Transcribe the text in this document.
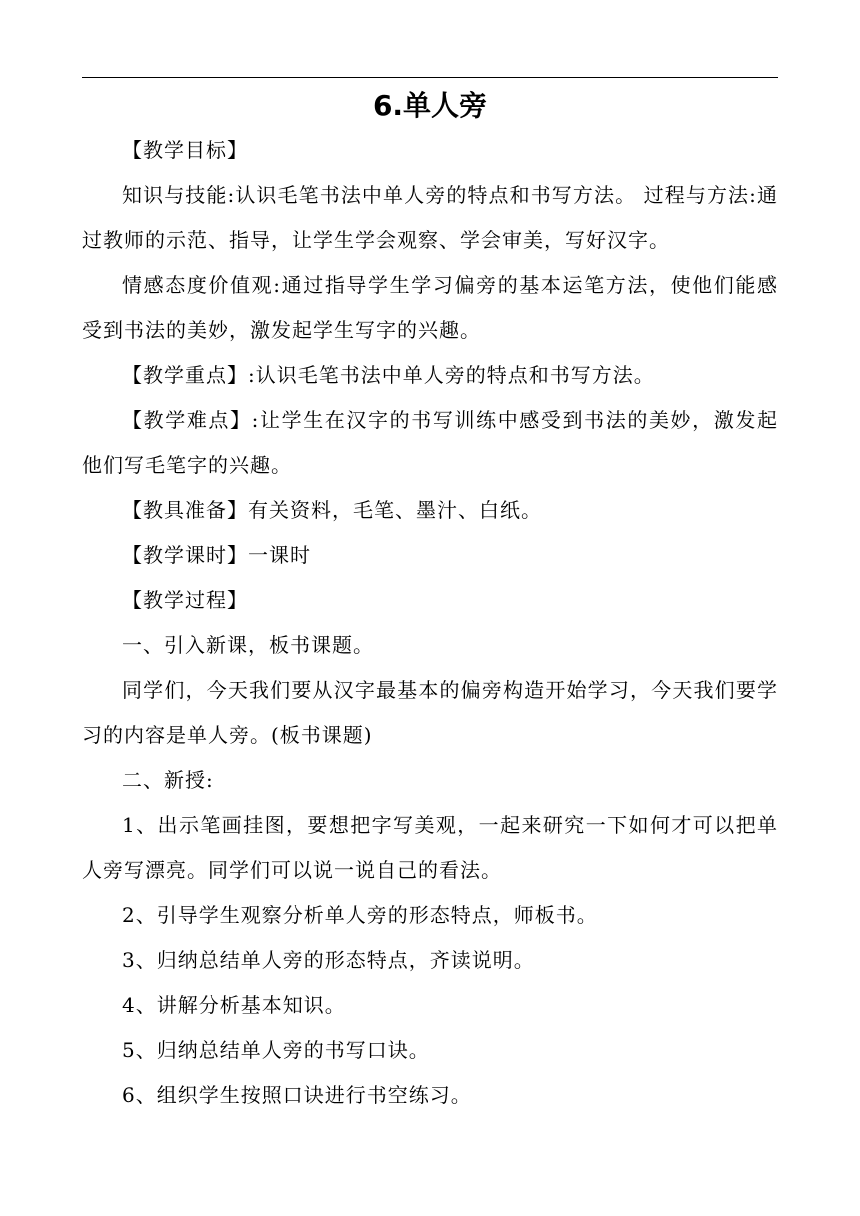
6.单人旁

【教学目标】

知识与技能:认识毛笔书法中单人旁的特点和书写方法。 过程与方法:通过教师的示范、指导，让学生学会观察、学会审美，写好汉字。

情感态度价值观:通过指导学生学习偏旁的基本运笔方法，使他们能感受到书法的美妙，激发起学生写字的兴趣。

【教学重点】:认识毛笔书法中单人旁的特点和书写方法。

【教学难点】:让学生在汉字的书写训练中感受到书法的美妙，激发起他们写毛笔字的兴趣。

【教具准备】有关资料，毛笔、墨汁、白纸。

【教学课时】一课时

【教学过程】

一、引入新课，板书课题。

同学们，今天我们要从汉字最基本的偏旁构造开始学习，今天我们要学习的内容是单人旁。(板书课题)

二、新授:

1、出示笔画挂图，要想把字写美观，一起来研究一下如何才可以把单人旁写漂亮。同学们可以说一说自己的看法。

2、引导学生观察分析单人旁的形态特点，师板书。

3、归纳总结单人旁的形态特点，齐读说明。

4、讲解分析基本知识。

5、归纳总结单人旁的书写口诀。

6、组织学生按照口诀进行书空练习。
